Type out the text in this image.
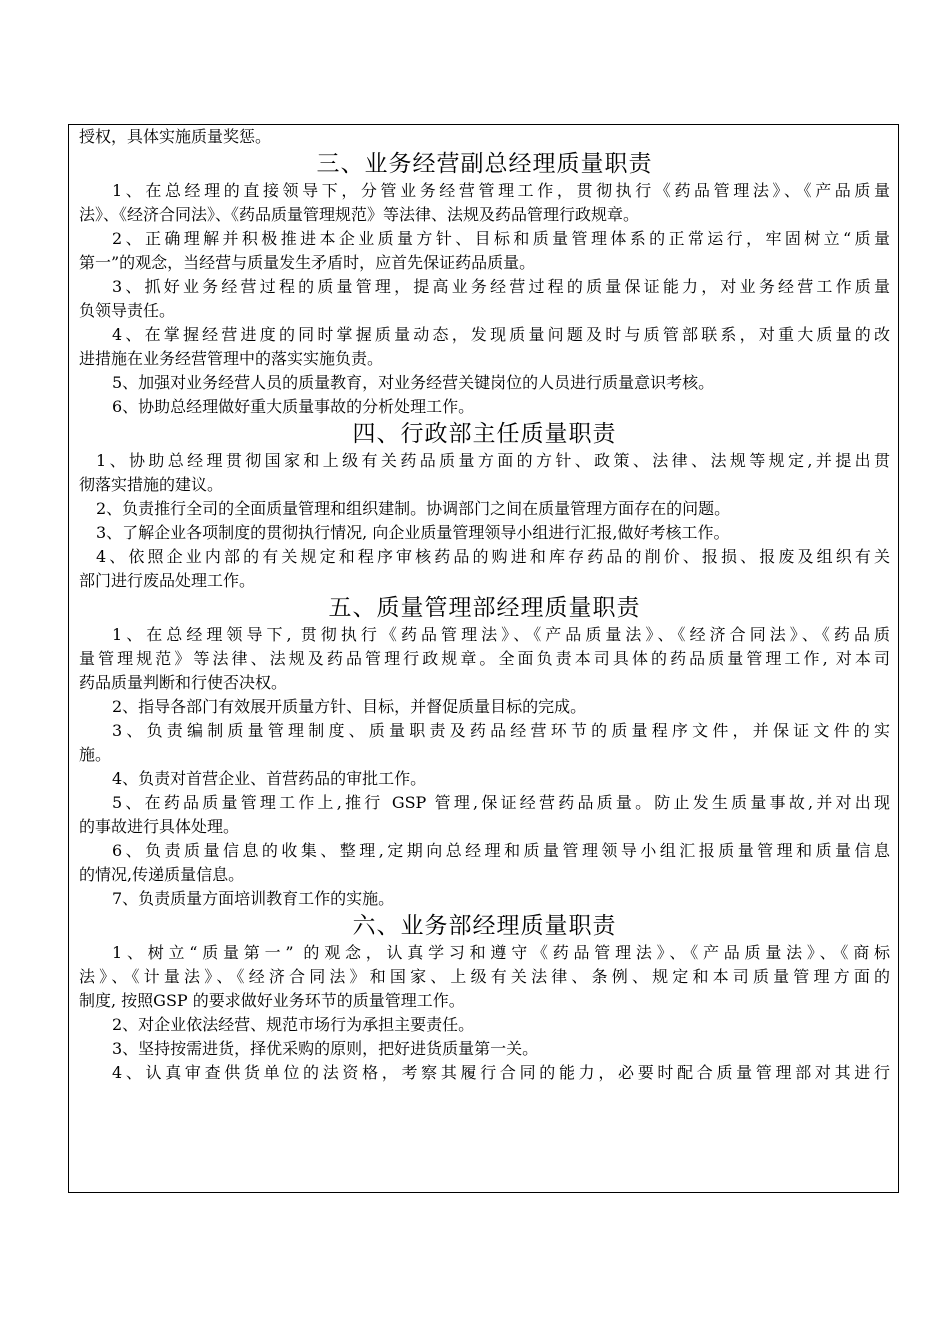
授权，具体实施质量奖惩。
三、业务经营副总经理质量职责
1、在总经理的直接领导下，分管业务经营管理工作，贯彻执行《药品管理法》、《产品质量
法》、《经济合同法》、《药品质量管理规范》等法律、法规及药品管理行政规章。
2、正确理解并积极推进本企业质量方针、目标和质量管理体系的正常运行，牢固树立“质量
第一”的观念，当经营与质量发生矛盾时，应首先保证药品质量。
3、抓好业务经营过程的质量管理，提高业务经营过程的质量保证能力，对业务经营工作质量
负领导责任。
4、在掌握经营进度的同时掌握质量动态，发现质量问题及时与质管部联系，对重大质量的改
进措施在业务经营管理中的落实实施负责。
5、加强对业务经营人员的质量教育，对业务经营关键岗位的人员进行质量意识考核。
6、协助总经理做好重大质量事故的分析处理工作。
四、行政部主任质量职责
1、协助总经理贯彻国家和上级有关药品质量方面的方针、政策、法律、法规等规定,并提出贯
彻落实措施的建议。
2、负责推行全司的全面质量管理和组织建制。协调部门之间在质量管理方面存在的问题。
3、了解企业各项制度的贯彻执行情况, 向企业质量管理领导小组进行汇报,做好考核工作。
4、依照企业内部的有关规定和程序审核药品的购进和库存药品的削价、报损、报废及组织有关
部门进行废品处理工作。
五、质量管理部经理质量职责
1、在总经理领导下, 贯彻执行《药品管理法》、《产品质量法》、《经济合同法》、《药品质
量管理规范》等法律、法规及药品管理行政规章。全面负责本司具体的药品质量管理工作, 对本司
药品质量判断和行使否决权。
2、指导各部门有效展开质量方针、目标，并督促质量目标的完成。
3、负责编制质量管理制度、质量职责及药品经营环节的质量程序文件，并保证文件的实
施。
4、负责对首营企业、首营药品的审批工作。
5、在药品质量管理工作上,推行 GSP 管理,保证经营药品质量。防止发生质量事故,并对出现
的事故进行具体处理。
6、负责质量信息的收集、整理,定期向总经理和质量管理领导小组汇报质量管理和质量信息
的情况,传递质量信息。
7、负责质量方面培训教育工作的实施。
六、业务部经理质量职责
1、树立“质量第一” 的观念，认真学习和遵守《药品管理法》、《产品质量法》、《商标
法》、《计量法》、《经济合同法》和国家、上级有关法律、条例、规定和本司质量管理方面的
制度, 按照GSP 的要求做好业务环节的质量管理工作。
2、对企业依法经营、规范市场行为承担主要责任。
3、坚持按需进货，择优采购的原则，把好进货质量第一关。
4、认真审查供货单位的法资格，考察其履行合同的能力，必要时配合质量管理部对其进行
